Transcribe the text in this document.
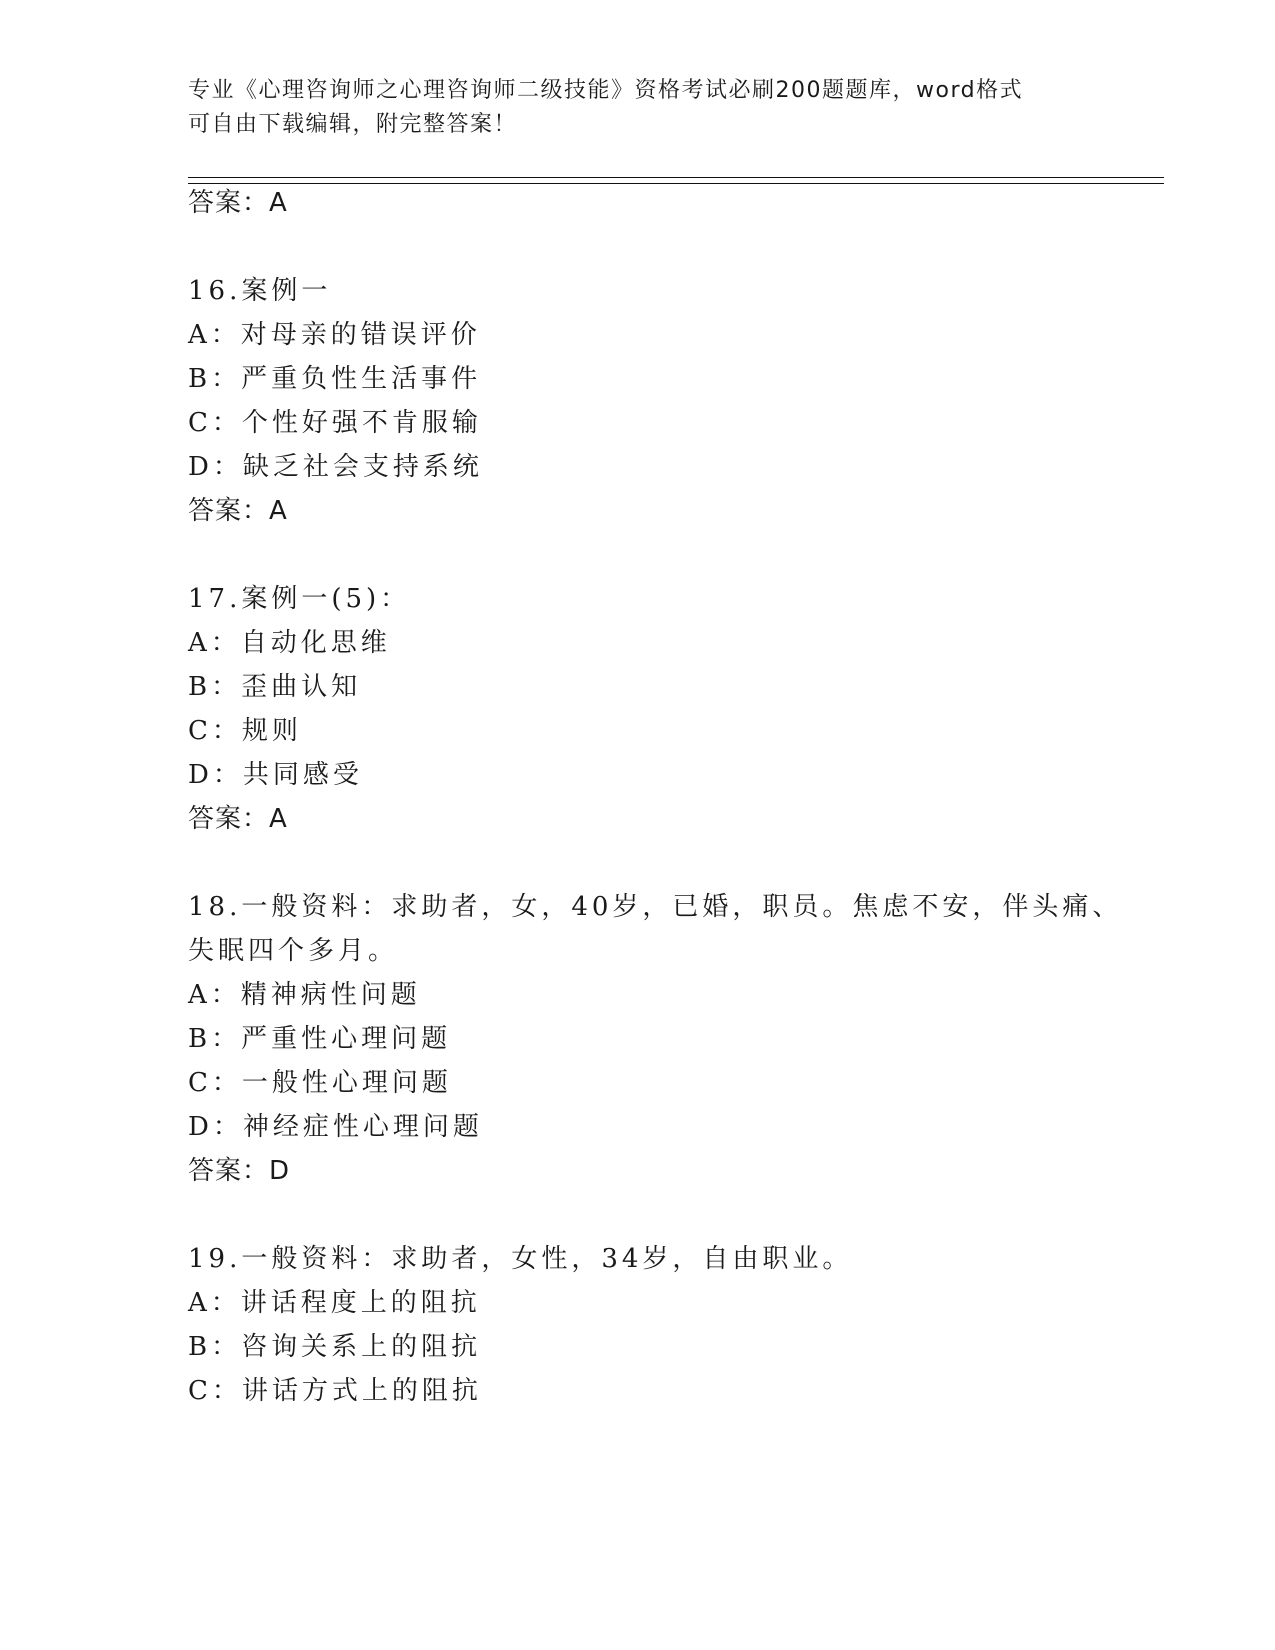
专业《心理咨询师之心理咨询师二级技能》资格考试必刷200题题库，word格式
可自由下载编辑，附完整答案！
答案：A
16.案例一
A：对母亲的错误评价
B：严重负性生活事件
C：个性好强不肯服输
D：缺乏社会支持系统
答案：A
17.案例一(5)：
A：自动化思维
B：歪曲认知
C：规则
D：共同感受
答案：A
18.一般资料：求助者，女，40岁，已婚，职员。焦虑不安，伴头痛、
失眠四个多月。
A：精神病性问题
B：严重性心理问题
C：一般性心理问题
D：神经症性心理问题
答案：D
19.一般资料：求助者，女性，34岁，自由职业。
A：讲话程度上的阻抗
B：咨询关系上的阻抗
C：讲话方式上的阻抗
